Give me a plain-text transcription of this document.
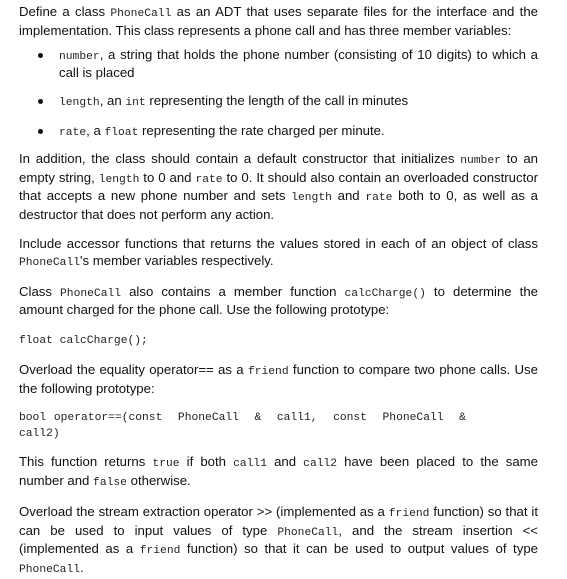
Define a class PhoneCall as an ADT that uses separate files for the interface and the implementation. This class represents a phone call and has three member variables:

number, a string that holds the phone number (consisting of 10 digits) to which a call is placed
length, an int representing the length of the call in minutes
rate, a float representing the rate charged per minute.

In addition, the class should contain a default constructor that initializes number to an empty string, length to 0 and rate to 0. It should also contain an overloaded constructor that accepts a new phone number and sets length and rate both to 0, as well as a destructor that does not perform any action.

Include accessor functions that returns the values stored in each of an object of class PhoneCall's member variables respectively.

Class PhoneCall also contains a member function calcCharge() to determine the amount charged for the phone call. Use the following prototype:

float calcCharge();

Overload the equality operator== as a friend function to compare two phone calls. Use the following prototype:

bool operator==(const  PhoneCall  &  call1,  const  PhoneCall  &
call2)

This function returns true if both call1 and call2 have been placed to the same number and false otherwise.

Overload the stream extraction operator >> (implemented as a friend function) so that it can be used to input values of type PhoneCall, and the stream insertion << (implemented as a friend function) so that it can be used to output values of type PhoneCall.
